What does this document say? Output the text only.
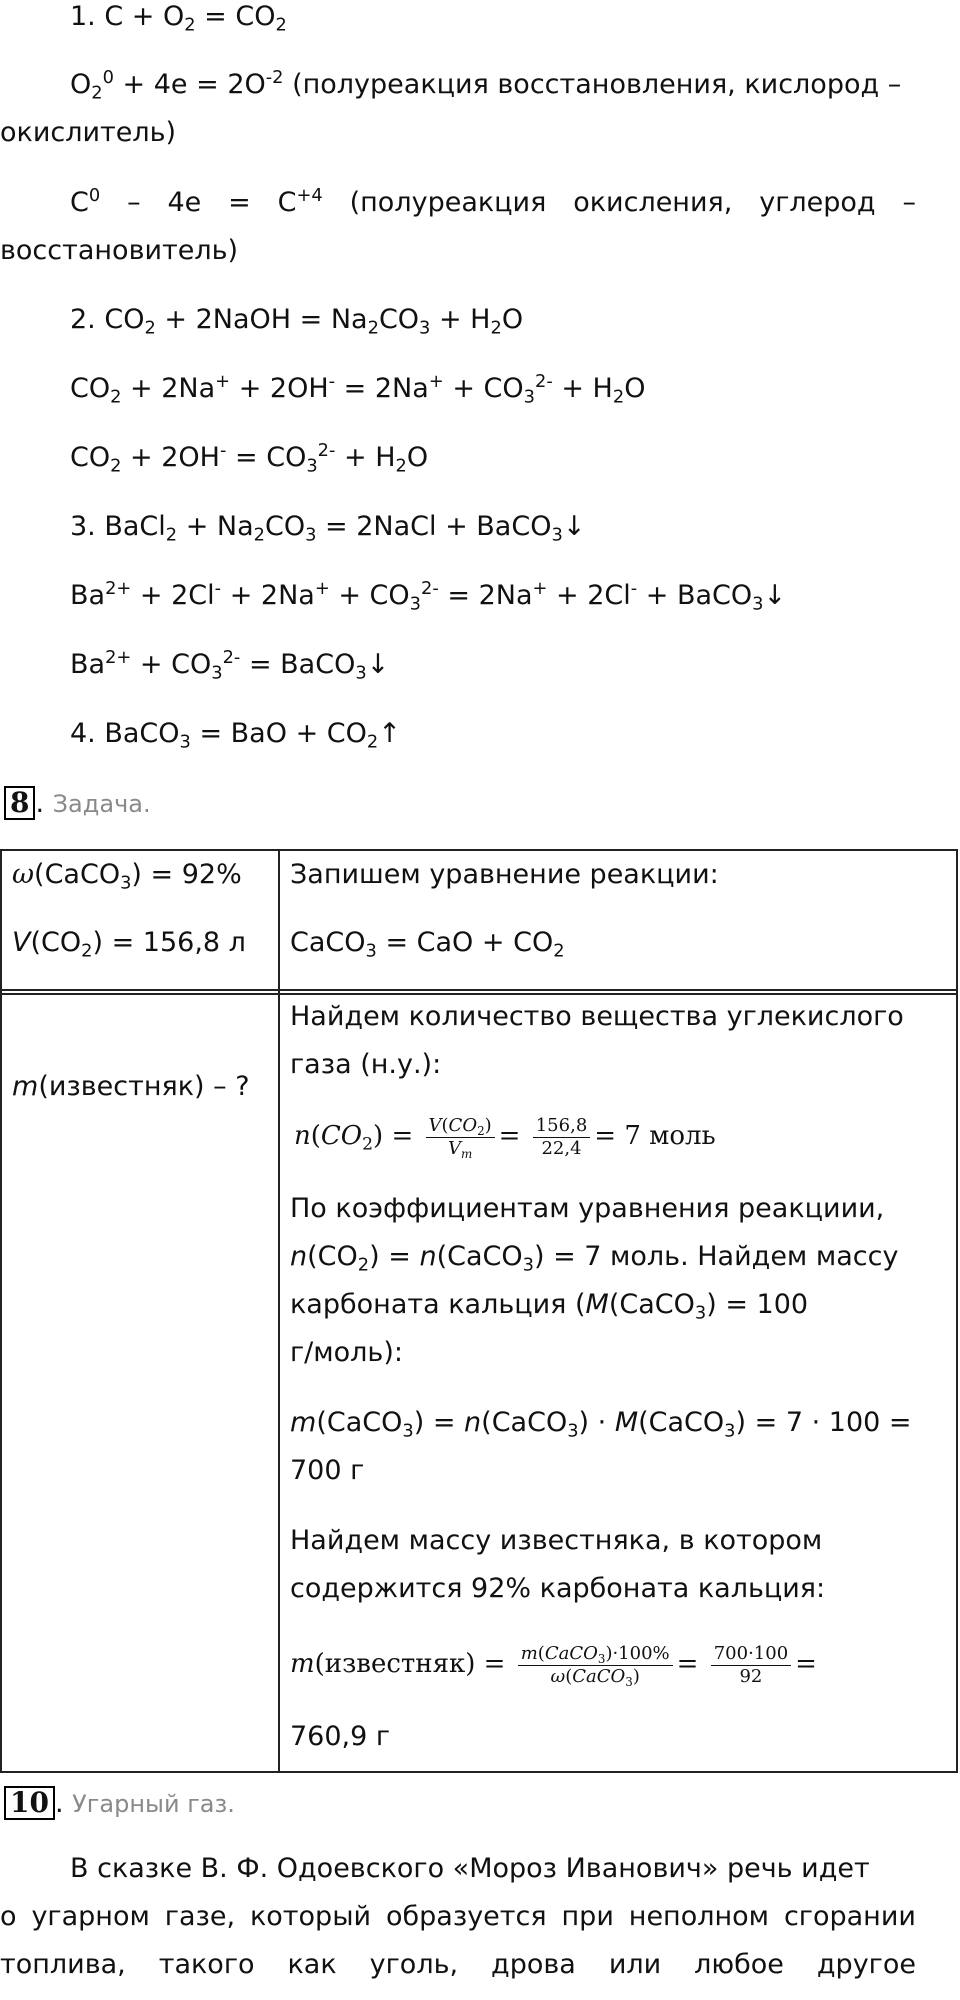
1. $C + O_2 = CO_2$
$O_2^0 + 4e = 2O^{-2}$ (полуреакция восстановления, кислород –
окислитель)
$C^0 - 4e = C^{+4}$ (полуреакция окисления, углерод –
восстановитель)
2. $CO_2$ + 2NaOH = $Na_2CO_3 + H_2O$
$CO_2 + 2Na^+ + 2OH^- = 2Na^+ + CO_3^{2-} + H_2O$
$CO_2 + 2OH^- = CO_3^{2-} + H_2O$
3. BaCl$_2$ + $Na_2CO_3$ = 2NaCl + BaCO$_3$↓
$Ba^{2+} + 2Cl^- + 2Na^+ + CO_3^{2-} = 2Na^+ + 2Cl^-$ + BaCO$_3$↓
$Ba^{2+} + CO_3^{2-}$ = BaCO$_3$↓
4. BaCO$_3$ = BaO + $CO_2↑$
8 . Задача.
ω(CaCO$_3$) = 92%
$V(CO_2) = 156,8$ л
m(известняк) – ?
Запишем уравнение реакции:
CaCO$_3$ = CaO + $CO_2$
Найдем количество вещества углекислого
газа (н.у.):
$n(CO_2) = \frac{V(CO_2)}{V_m} = \frac{156,8}{22,4} = 7$ моль
По коэффициентам уравнения реакциии,
$n(CO_2)$ = n(CaCO$_3$) = 7 моль. Найдем массу
карбоната кальция (M(CaCO$_3$) = 100
г/моль):
m(CaCO$_3$) = n(CaCO$_3$) · M(CaCO$_3$) = 7 · 100 =
700 г
Найдем массу известняка, в котором
содержится 92% карбоната кальция:
m(известняк) = $\frac{m(CaCO_3)\cdot 100\%}{\omega(CaCO_3)} = \frac{700\cdot 100}{92}$ =
760,9 г
10 . Угарный газ.
В сказке В. Ф. Одоевского «Мороз Иванович» речь идет
о угарном газе, который образуется при неполном сгорании
топлива, такого как уголь, дрова или любое другое
